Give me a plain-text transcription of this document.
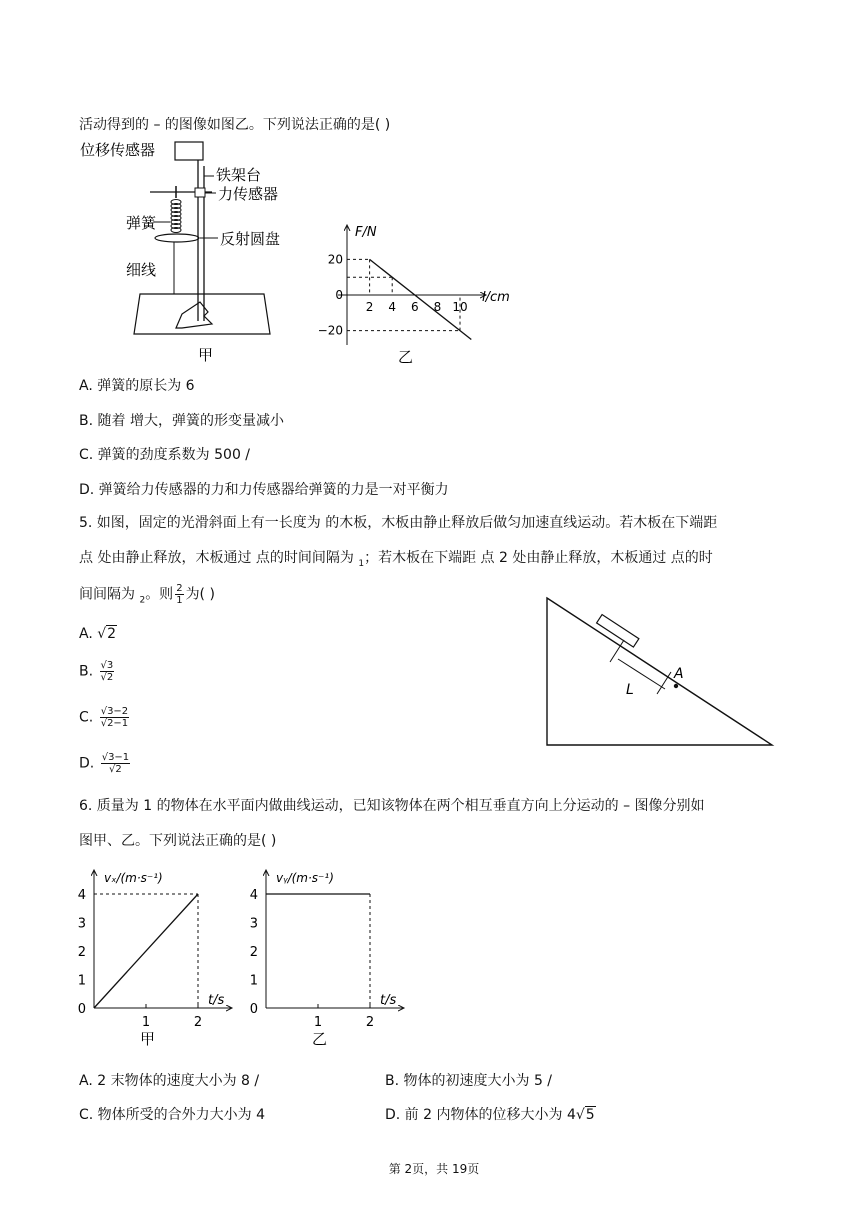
活动得到的 – 的图像如图乙。下列说法正确的是( )
位移传感器
铁架台
力传感器
弹簧
反射圆盘
细线
甲
F/N
l/cm
20
0
−20
2 4 6 8 10
乙
A. 弹簧的原长为 6
B. 随着 增大，弹簧的形变量减小
C. 弹簧的劲度系数为 500 /
D. 弹簧给力传感器的力和力传感器给弹簧的力是一对平衡力
5. 如图，固定的光滑斜面上有一长度为 的木板，木板由静止释放后做匀加速直线运动。若木板在下端距
点 处由静止释放，木板通过 点的时间间隔为 $_1$；若木板在下端距 点 2 处由静止释放，木板通过 点的时
间间隔为 $_2$。则 $\frac{2}{1}$ 为( )
A. √2
B. $\frac{√3}{√2}$
C. $\frac{√3-2}{√2-1}$
D. $\frac{√3-1}{√2}$
L
A
6. 质量为 1 的物体在水平面内做曲线运动，已知该物体在两个相互垂直方向上分运动的 – 图像分别如
图甲、乙。下列说法正确的是( )
vₓ/(m·s⁻¹)
t/s
1
2
3
4
0
1	2
甲
vᵧ/(m·s⁻¹)
t/s
1
2
3
4
0
1	2
乙
A. 2 末物体的速度大小为 8 /	B. 物体的初速度大小为 5 /
C. 物体所受的合外力大小为 4	D. 前 2 内物体的位移大小为 4√5
第 2页，共 19页
